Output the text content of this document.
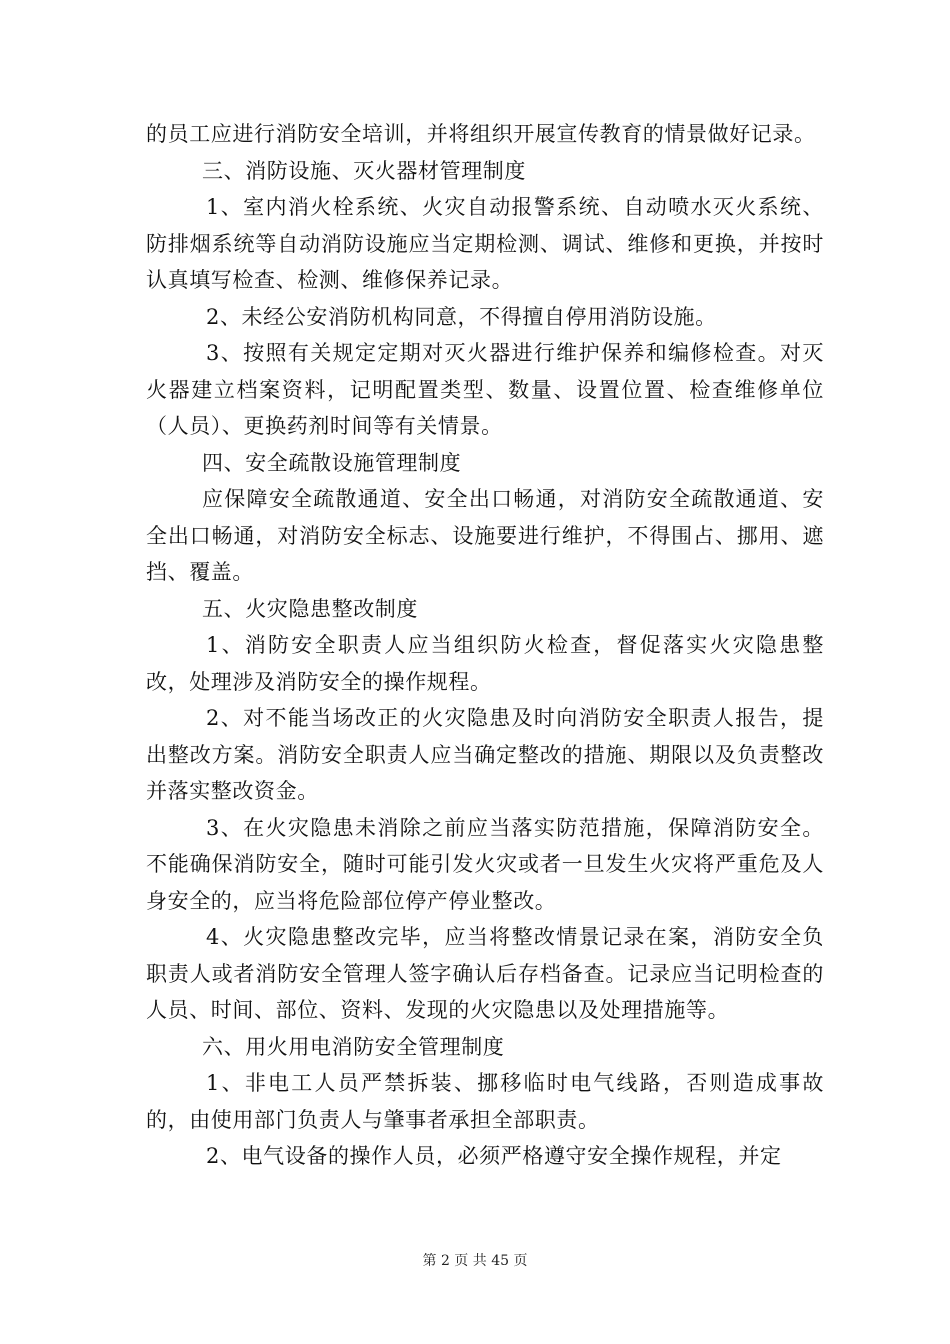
的员工应进行消防安全培训，并将组织开展宣传教育的情景做好记录。

三、消防设施、灭火器材管理制度

1、室内消火栓系统、火灾自动报警系统、自动喷水灭火系统、防排烟系统等自动消防设施应当定期检测、调试、维修和更换，并按时认真填写检查、检测、维修保养记录。

2、未经公安消防机构同意，不得擅自停用消防设施。

3、按照有关规定定期对灭火器进行维护保养和编修检查。对灭火器建立档案资料，记明配置类型、数量、设置位置、检查维修单位（人员）、更换药剂时间等有关情景。

四、安全疏散设施管理制度

应保障安全疏散通道、安全出口畅通，对消防安全疏散通道、安全出口畅通，对消防安全标志、设施要进行维护，不得围占、挪用、遮挡、覆盖。

五、火灾隐患整改制度

1、消防安全职责人应当组织防火检查，督促落实火灾隐患整改，处理涉及消防安全的操作规程。

2、对不能当场改正的火灾隐患及时向消防安全职责人报告，提出整改方案。消防安全职责人应当确定整改的措施、期限以及负责整改并落实整改资金。

3、在火灾隐患未消除之前应当落实防范措施，保障消防安全。不能确保消防安全，随时可能引发火灾或者一旦发生火灾将严重危及人身安全的，应当将危险部位停产停业整改。

4、火灾隐患整改完毕，应当将整改情景记录在案，消防安全负职责人或者消防安全管理人签字确认后存档备查。记录应当记明检查的人员、时间、部位、资料、发现的火灾隐患以及处理措施等。

六、用火用电消防安全管理制度

1、非电工人员严禁拆装、挪移临时电气线路，否则造成事故的，由使用部门负责人与肇事者承担全部职责。

2、电气设备的操作人员，必须严格遵守安全操作规程，并定

第 2 页 共 45 页
